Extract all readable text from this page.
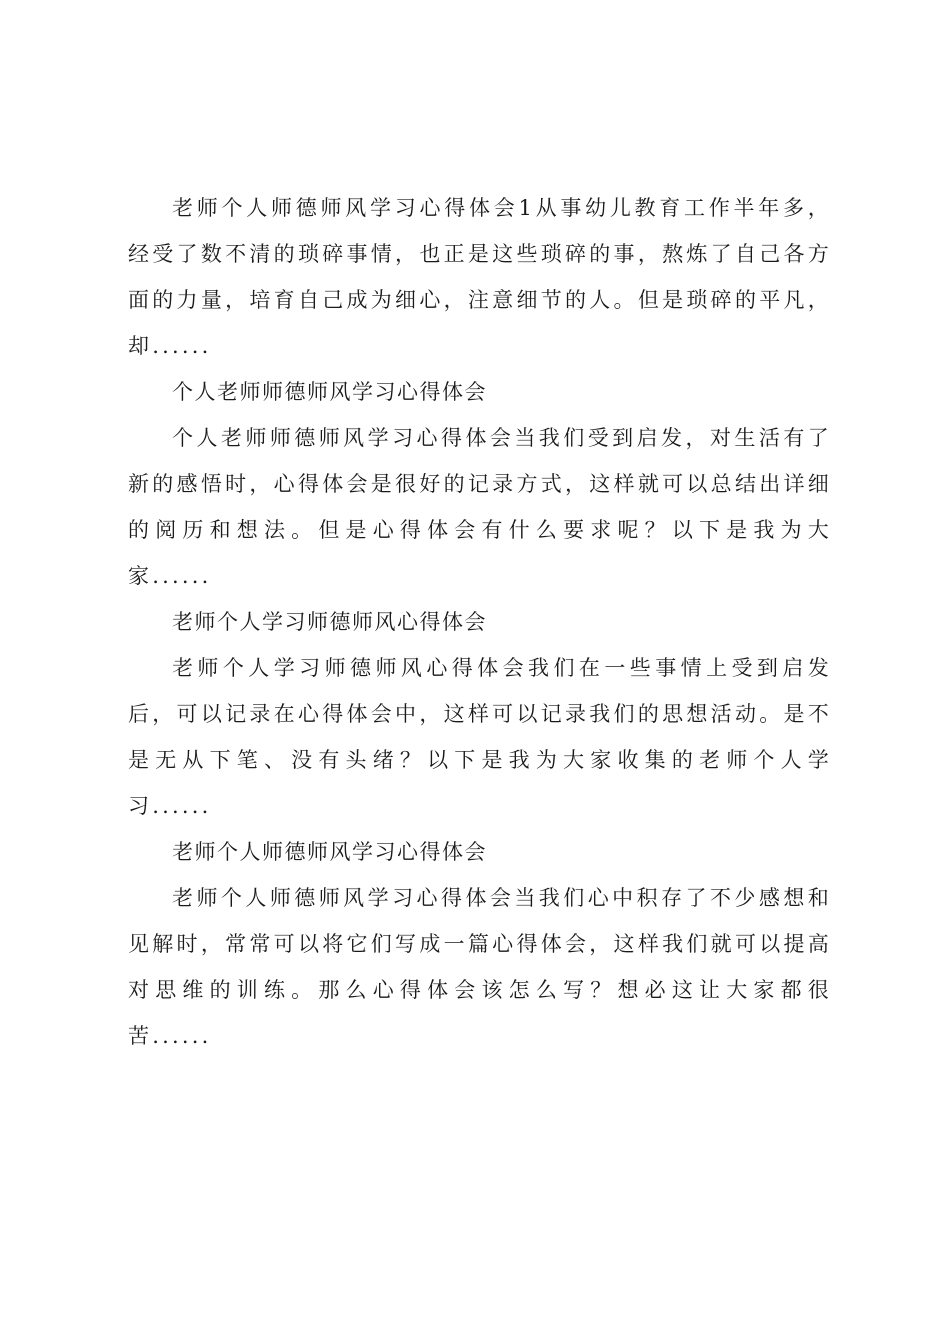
老师个人师德师风学习心得体会1从事幼儿教育工作半年多，经受了数不清的琐碎事情，也正是这些琐碎的事，熬炼了自己各方面的力量，培育自己成为细心，注意细节的人。但是琐碎的平凡，却......

个人老师师德师风学习心得体会

个人老师师德师风学习心得体会当我们受到启发，对生活有了新的感悟时，心得体会是很好的记录方式，这样就可以总结出详细的阅历和想法。但是心得体会有什么要求呢？以下是我为大家......

老师个人学习师德师风心得体会

老师个人学习师德师风心得体会我们在一些事情上受到启发后，可以记录在心得体会中，这样可以记录我们的思想活动。是不是无从下笔、没有头绪？以下是我为大家收集的老师个人学习......

老师个人师德师风学习心得体会

老师个人师德师风学习心得体会当我们心中积存了不少感想和见解时，常常可以将它们写成一篇心得体会，这样我们就可以提高对思维的训练。那么心得体会该怎么写？想必这让大家都很苦......
